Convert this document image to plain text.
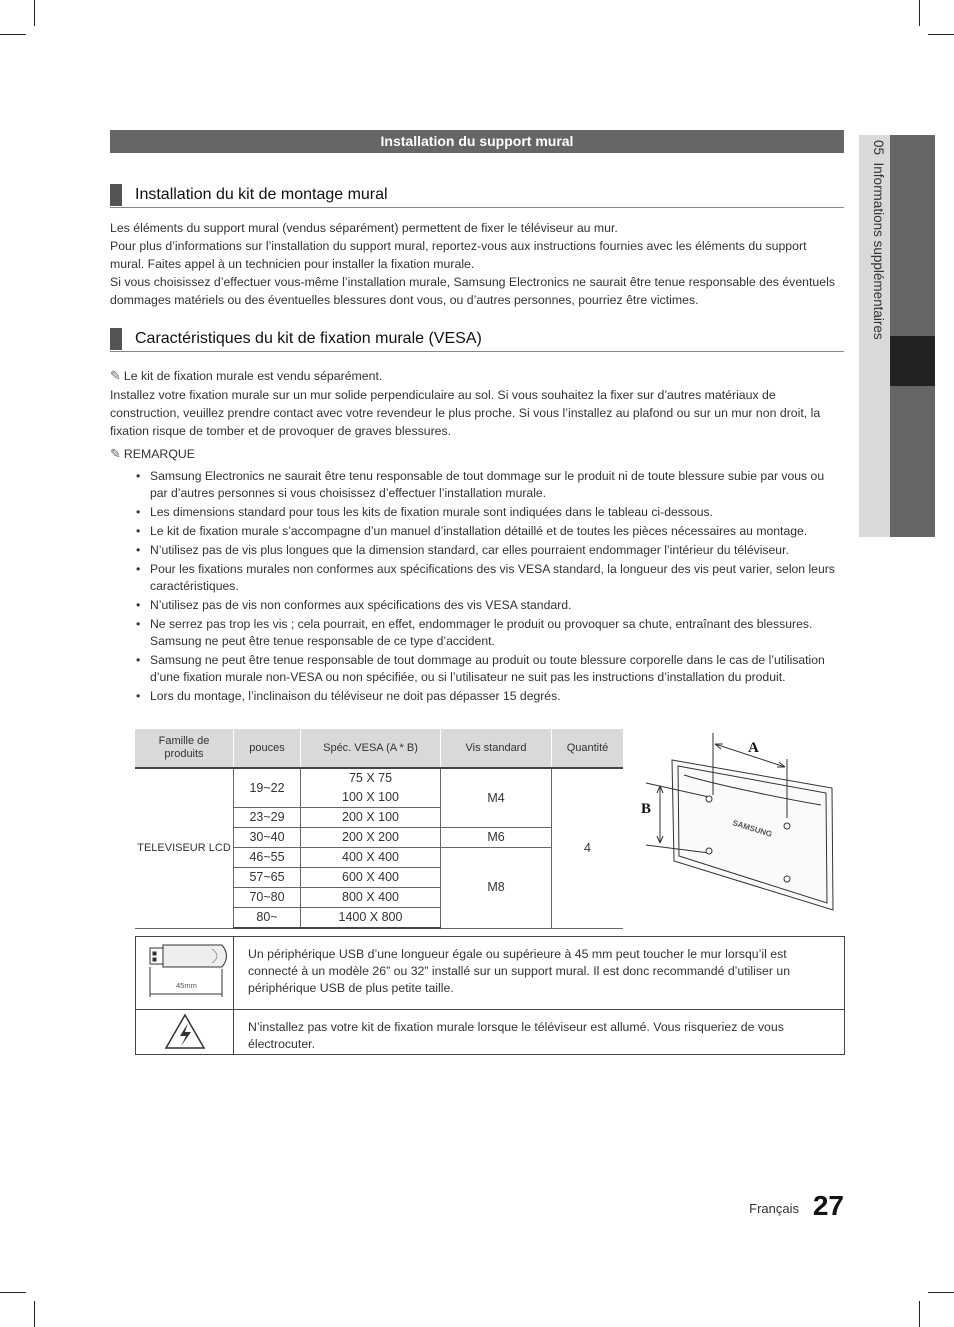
05  Informations supplémentaires
Installation du support mural
Installation du kit de montage mural

Les éléments du support mural (vendus séparément) permettent de fixer le téléviseur au mur.

Pour plus d’informations sur l’installation du support mural, reportez-vous aux instructions fournies avec les éléments du support mural. Faites appel à un technicien pour installer la fixation murale.

Si vous choisissez d’effectuer vous-même l’installation murale, Samsung Electronics ne saurait être tenue responsable des éventuels dommages matériels ou des éventuelles blessures dont vous, ou d’autres personnes, pourriez être victimes.

Caractéristiques du kit de fixation murale (VESA)
✎ Le kit de fixation murale est vendu séparément.
Installez votre fixation murale sur un mur solide perpendiculaire au sol. Si vous souhaitez la fixer sur d’autres matériaux de construction, veuillez prendre contact avec votre revendeur le plus proche. Si vous l’installez au plafond ou sur un mur non droit, la fixation risque de tomber et de provoquer de graves blessures.
✎ REMARQUE
• Samsung Electronics ne saurait être tenu responsable de tout dommage sur le produit ni de toute blessure subie par vous ou par d’autres personnes si vous choisissez d’effectuer l’installation murale.
• Les dimensions standard pour tous les kits de fixation murale sont indiquées dans le tableau ci-dessous.
• Le kit de fixation murale s’accompagne d’un manuel d’installation détaillé et de toutes les pièces nécessaires au montage.
• N’utilisez pas de vis plus longues que la dimension standard, car elles pourraient endommager l’intérieur du téléviseur.
• Pour les fixations murales non conformes aux spécifications des vis VESA standard, la longueur des vis peut varier, selon leurs caractéristiques.
• N’utilisez pas de vis non conformes aux spécifications des vis VESA standard.
• Ne serrez pas trop les vis ; cela pourrait, en effet, endommager le produit ou provoquer sa chute, entraînant des blessures. Samsung ne peut être tenue responsable de ce type d’accident.
• Samsung ne peut être tenue responsable de tout dommage au produit ou toute blessure corporelle dans le cas de l’utilisation d’une fixation murale non-VESA ou non spécifiée, ou si l’utilisateur ne suit pas les instructions d’installation du produit.
• Lors du montage, l’inclinaison du téléviseur ne doit pas dépasser 15 degrés.
Famille de produits	pouces	Spéc. VESA (A * B)	Vis standard	Quantité
TELEVISEUR LCD	19~22	75 X 75	M4	4
		100 X 100		
	23~29	200 X 100		
	30~40	200 X 200	M6	
	46~55	400 X 400	M8	
	57~65	600 X 400		
	70~80	800 X 400		
	80~	1400 X 800		
A
B
SAMSUNG
45mm
Un périphérique USB d’une longueur égale ou supérieure à 45 mm peut toucher le mur lorsqu’il est connecté à un modèle 26” ou 32” installé sur un support mural. Il est donc recommandé d’utiliser un périphérique USB de plus petite taille.
N’installez pas votre kit de fixation murale lorsque le téléviseur est allumé. Vous risqueriez de vous électrocuter.
Français 27
